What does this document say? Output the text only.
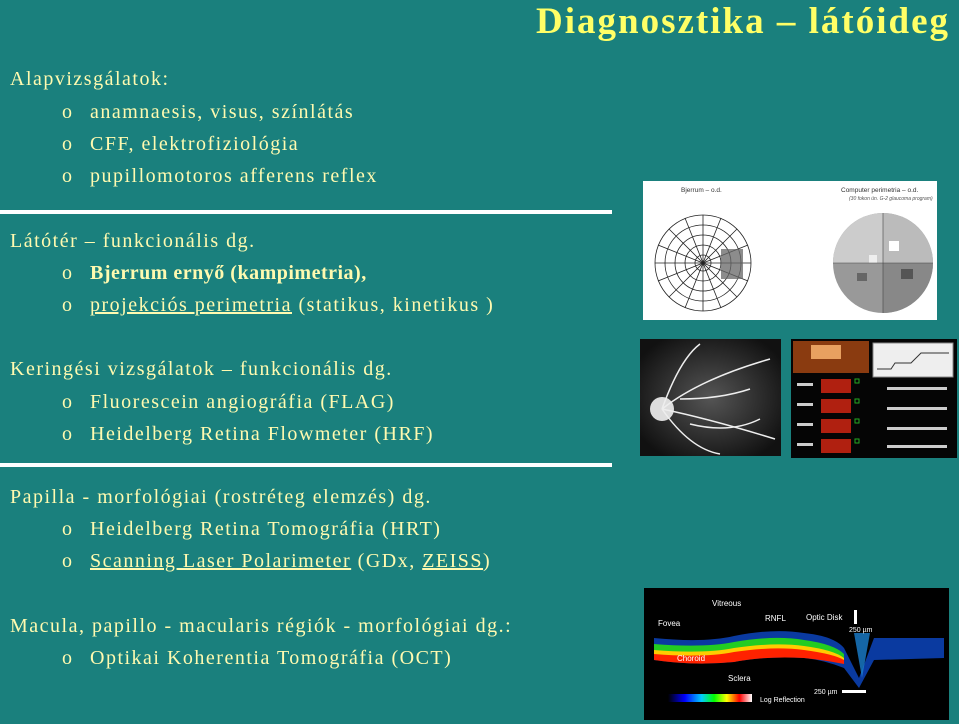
Diagnosztika – látóideg
Alapvizsgálatok:
o anamnaesis, visus, színlátás
o CFF, elektrofiziológia
o pupillomotoros afferens reflex
Látótér – funkcionális dg.
o Bjerrum ernyő (kampimetria),
o projekciós perimetria (statikus, kinetikus )
Keringési vizsgálatok – funkcionális dg.
o Fluorescein angiográfia (FLAG)
o Heidelberg Retina Flowmeter (HRF)
Papilla - morfológiai (rostréteg elemzés) dg.
o Heidelberg Retina Tomográfia (HRT)
o Scanning Laser Polarimeter (GDx, ZEISS)
Macula, papillo - macularis régiók - morfológiai dg.:
o Optikai Koherentia Tomográfia (OCT)
Bjerrum – o.d.	Computer perimetria – o.d.
(30 fokon ún. G-2 glaucoma program)
Vitreous
Fovea
RNFL	Optic Disk
Choroid
Sclera
250 µm
250 µm
Log Reflection
